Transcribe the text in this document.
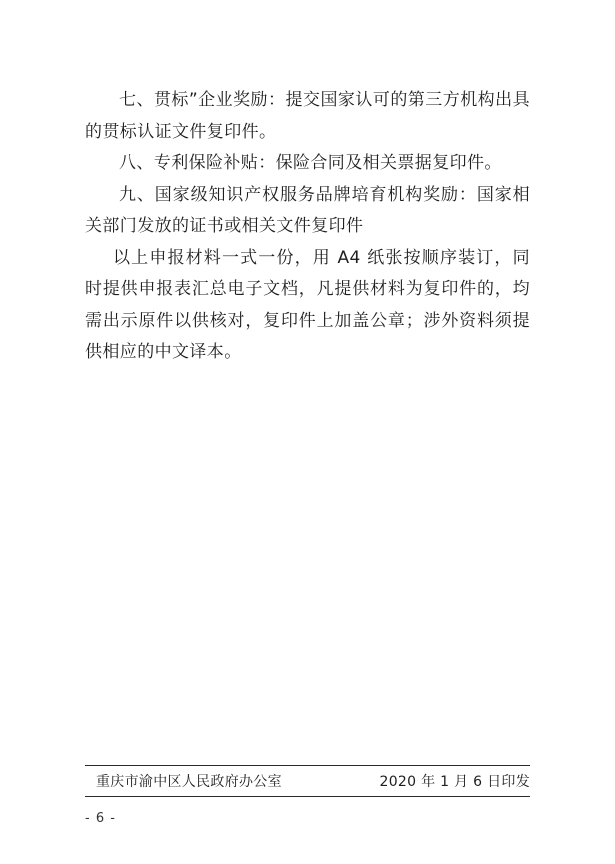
七、贯标”企业奖励：提交国家认可的第三方机构出具的贯标认证文件复印件。

八、专利保险补贴：保险合同及相关票据复印件。

九、国家级知识产权服务品牌培育机构奖励：国家相关部门发放的证书或相关文件复印件

以上申报材料一式一份，用 A4 纸张按顺序装订，同时提供申报表汇总电子文档，凡提供材料为复印件的，均需出示原件以供核对，复印件上加盖公章；涉外资料须提供相应的中文译本。

重庆市渝中区人民政府办公室	2020 年 1 月 6 日印发
- 6 -
